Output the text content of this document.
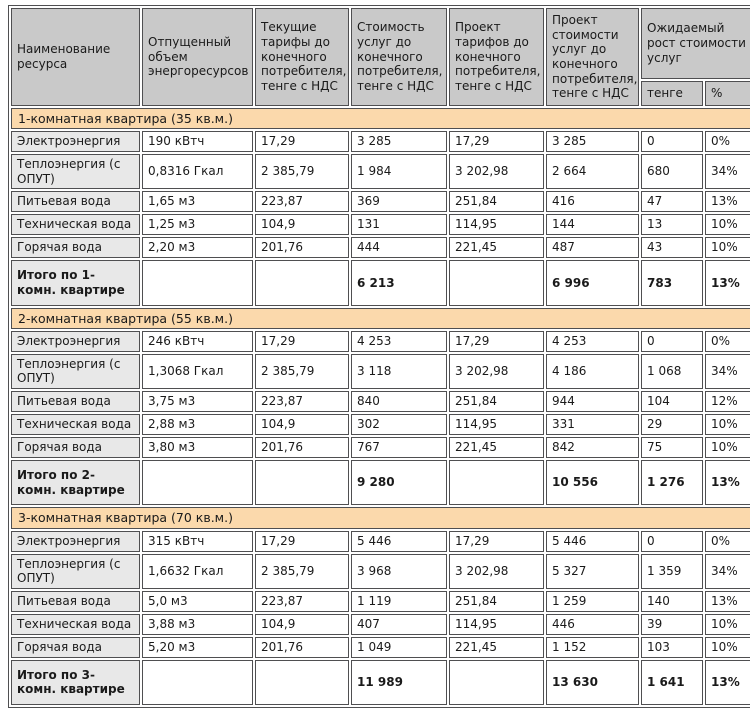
Наименование ресурса	Отпущенный объем энергоресурсов	Текущие тарифы до конечного потребителя, тенге с НДС	Стоимость услуг до конечного потребителя, тенге с НДС	Проект тарифов до конечного потребителя, тенге с НДС	Проект стоимости услуг до конечного потребителя, тенге с НДС	Ожидаемый рост стоимости услуг	
						тенге	%
1-комнатная квартира (35 кв.м.)							
Электроэнергия	190 кВтч	17,29	3 285	17,29	3 285	0	0%
Теплоэнергия (с ОПУТ)	0,8316 Гкал	2 385,79	1 984	3 202,98	2 664	680	34%
Питьевая вода	1,65 м3	223,87	369	251,84	416	47	13%
Техническая вода	1,25 м3	104,9	131	114,95	144	13	10%
Горячая вода	2,20 м3	201,76	444	221,45	487	43	10%
Итого по 1-комн. квартире			6 213		6 996	783	13%
2-комнатная квартира (55 кв.м.)							
Электроэнергия	246 кВтч	17,29	4 253	17,29	4 253	0	0%
Теплоэнергия (с ОПУТ)	1,3068 Гкал	2 385,79	3 118	3 202,98	4 186	1 068	34%
Питьевая вода	3,75 м3	223,87	840	251,84	944	104	12%
Техническая вода	2,88 м3	104,9	302	114,95	331	29	10%
Горячая вода	3,80 м3	201,76	767	221,45	842	75	10%
Итого по 2-комн. квартире			9 280		10 556	1 276	13%
3-комнатная квартира (70 кв.м.)							
Электроэнергия	315 кВтч	17,29	5 446	17,29	5 446	0	0%
Теплоэнергия (с ОПУТ)	1,6632 Гкал	2 385,79	3 968	3 202,98	5 327	1 359	34%
Питьевая вода	5,0 м3	223,87	1 119	251,84	1 259	140	13%
Техническая вода	3,88 м3	104,9	407	114,95	446	39	10%
Горячая вода	5,20 м3	201,76	1 049	221,45	1 152	103	10%
Итого по 3-комн. квартире			11 989		13 630	1 641	13%
